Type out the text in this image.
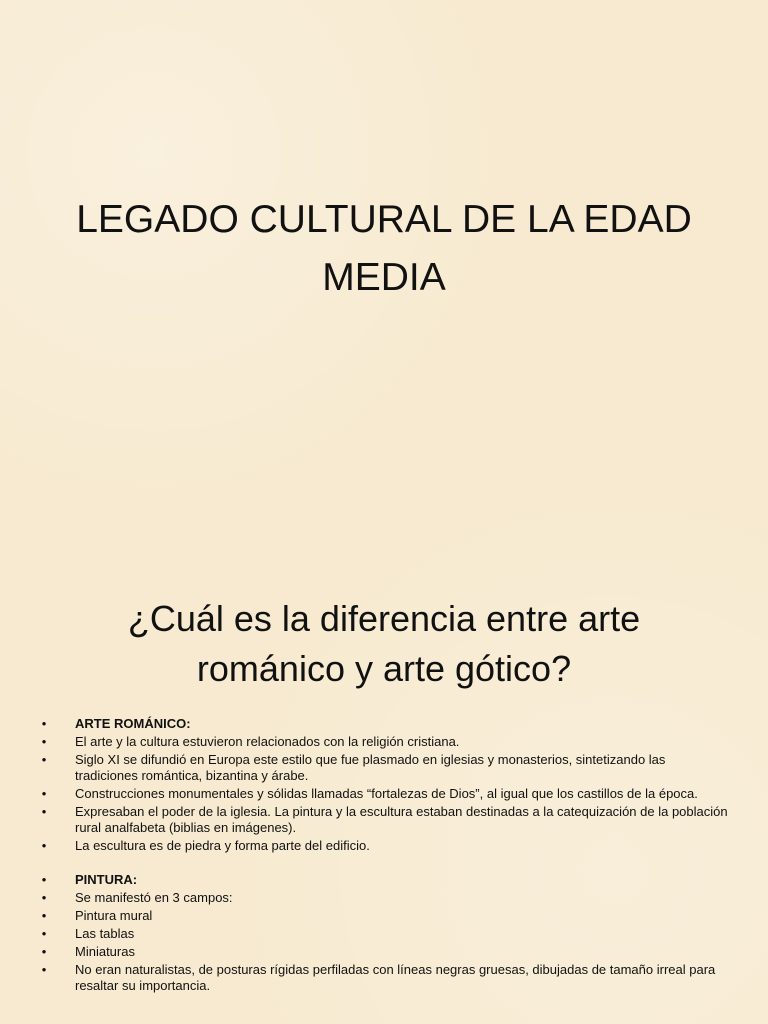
LEGADO CULTURAL DE LA EDAD
MEDIA
¿Cuál es la diferencia entre arte
románico y arte gótico?
• ARTE ROMÁNICO:
• El arte y la cultura estuvieron relacionados con la religión cristiana.
• Siglo XI se difundió en Europa este estilo que fue plasmado en iglesias y monasterios, sintetizando las tradiciones romántica, bizantina y árabe.
• Construcciones monumentales y sólidas llamadas “fortalezas de Dios”, al igual que los castillos de la época.
• Expresaban el poder de la iglesia. La pintura y la escultura estaban destinadas a la catequización de la población rural analfabeta (biblias en imágenes).
• La escultura es de piedra y forma parte del edificio.
• PINTURA:
• Se manifestó en 3 campos:
• Pintura mural
• Las tablas
• Miniaturas
• No eran naturalistas, de posturas rígidas perfiladas con líneas negras gruesas, dibujadas de tamaño irreal para resaltar su importancia.
